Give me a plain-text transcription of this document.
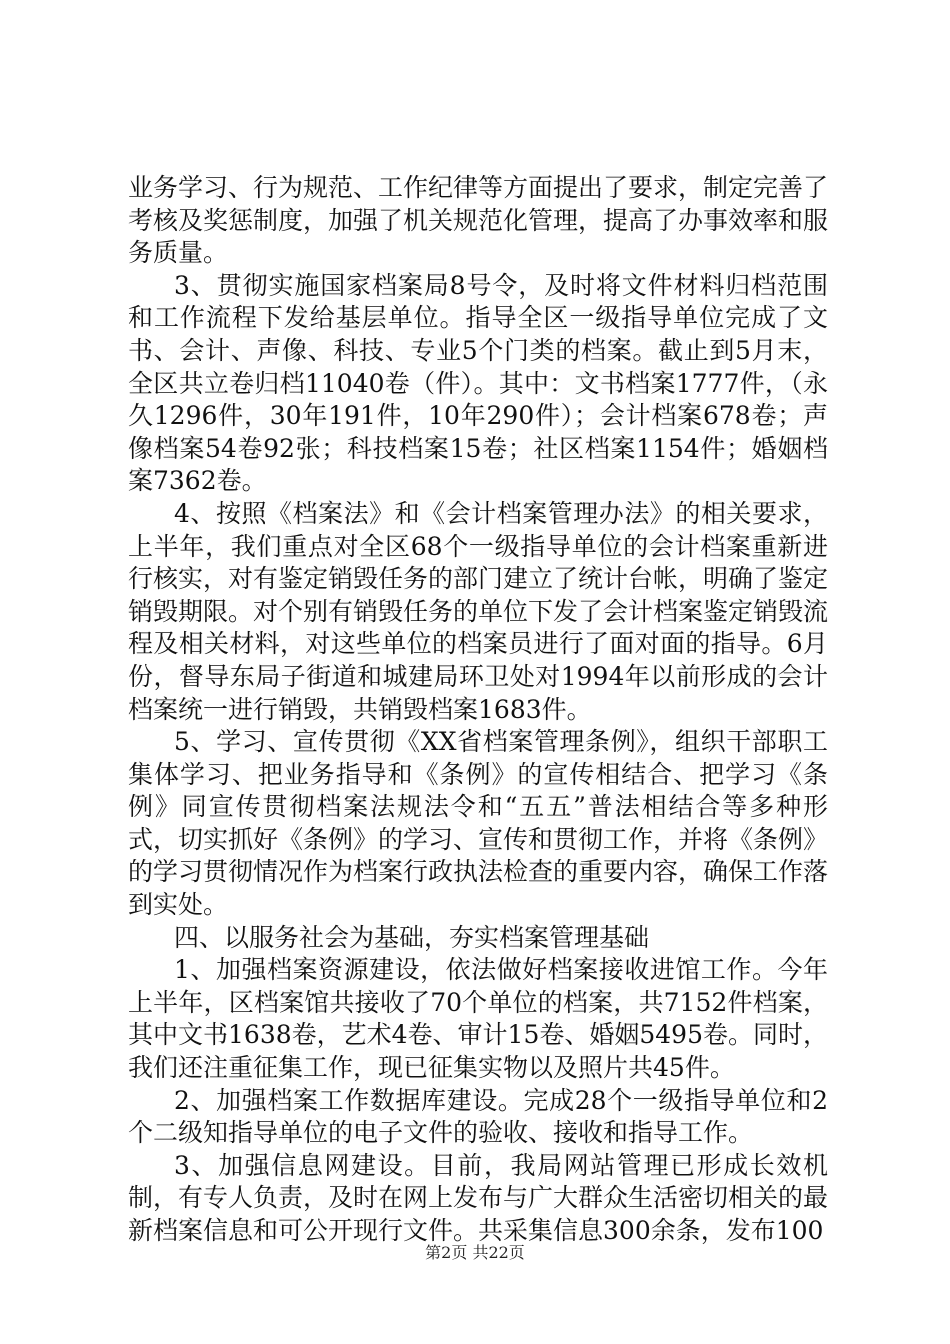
业务学习、行为规范、工作纪律等方面提出了要求，制定完善了考核及奖惩制度，加强了机关规范化管理，提高了办事效率和服务质量。

3、贯彻实施国家档案局8号令，及时将文件材料归档范围和工作流程下发给基层单位。指导全区一级指导单位完成了文书、会计、声像、科技、专业5个门类的档案。截止到5月末，全区共立卷归档11040卷（件）。其中：文书档案1777件，（永久1296件，30年191件，10年290件）；会计档案678卷；声像档案54卷92张；科技档案15卷；社区档案1154件；婚姻档案7362卷。

4、按照《档案法》和《会计档案管理办法》的相关要求，上半年，我们重点对全区68个一级指导单位的会计档案重新进行核实，对有鉴定销毁任务的部门建立了统计台帐，明确了鉴定销毁期限。对个别有销毁任务的单位下发了会计档案鉴定销毁流程及相关材料，对这些单位的档案员进行了面对面的指导。6月份，督导东局子街道和城建局环卫处对1994年以前形成的会计档案统一进行销毁，共销毁档案1683件。

5、学习、宣传贯彻《XX省档案管理条例》，组织干部职工集体学习、把业务指导和《条例》的宣传相结合、把学习《条例》同宣传贯彻档案法规法令和“五五”普法相结合等多种形式，切实抓好《条例》的学习、宣传和贯彻工作，并将《条例》的学习贯彻情况作为档案行政执法检查的重要内容，确保工作落到实处。

四、以服务社会为基础，夯实档案管理基础

1、加强档案资源建设，依法做好档案接收进馆工作。今年上半年，区档案馆共接收了70个单位的档案，共7152件档案，其中文书1638卷，艺术4卷、审计15卷、婚姻5495卷。同时，我们还注重征集工作，现已征集实物以及照片共45件。

2、加强档案工作数据库建设。完成28个一级指导单位和2个二级知指导单位的电子文件的验收、接收和指导工作。

3、加强信息网建设。目前，我局网站管理已形成长效机制，有专人负责，及时在网上发布与广大群众生活密切相关的最新档案信息和可公开现行文件。共采集信息300余条，发布100

第2页 共22页
